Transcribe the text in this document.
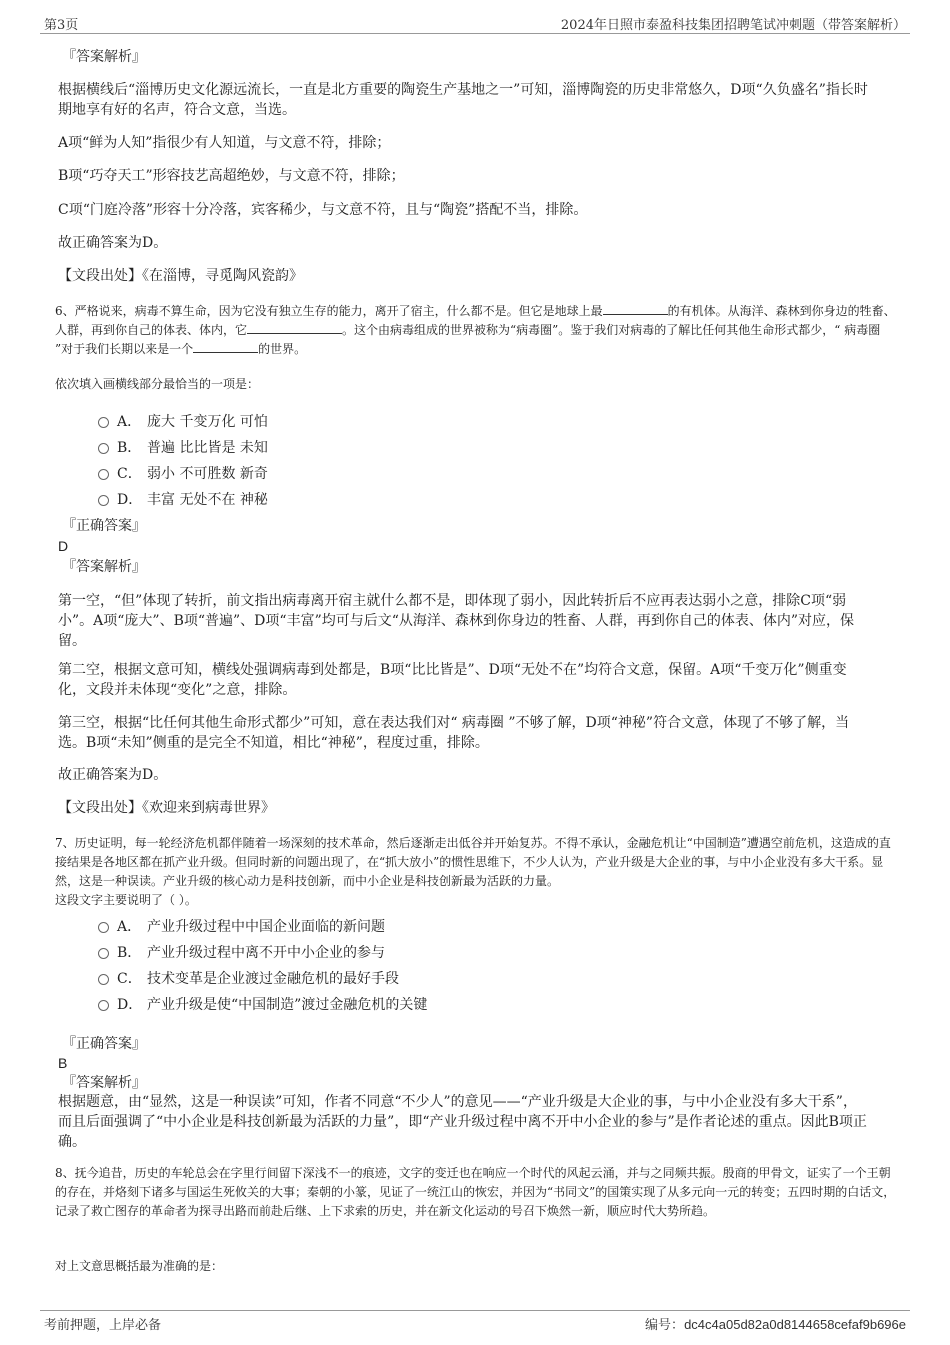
第3页	2024年日照市泰盈科技集团招聘笔试冲刺题（带答案解析）
『答案解析』
根据横线后“淄博历史文化源远流长，一直是北方重要的陶瓷生产基地之一”可知，淄博陶瓷的历史非常悠久，D项“久负盛名”指长时期地享有好的名声，符合文意，当选。
A项“鲜为人知”指很少有人知道，与文意不符，排除；
B项“巧夺天工”形容技艺高超绝妙，与文意不符，排除；
C项“门庭冷落”形容十分冷落，宾客稀少，与文意不符，且与“陶瓷”搭配不当，排除。
故正确答案为D。
【文段出处】《在淄博，寻觅陶风瓷韵》
6、严格说来，病毒不算生命，因为它没有独立生存的能力，离开了宿主，什么都不是。但它是地球上最	的有机体。从海洋、森林到你身边的牲畜、人群，再到你自己的体表、体内，它	。这个由病毒组成的世界被称为“病毒圈”。鉴于我们对病毒的了解比任何其他生命形式都少，“ 病毒圈 ”对于我们长期以来是一个	的世界。
依次填入画横线部分最恰当的一项是：
A． 庞大 千变万化 可怕
B． 普遍 比比皆是 未知
C． 弱小 不可胜数 新奇
D． 丰富 无处不在 神秘
『正确答案』
D
『答案解析』
第一空，“但”体现了转折，前文指出病毒离开宿主就什么都不是，即体现了弱小，因此转折后不应再表达弱小之意，排除C项“弱小”。A项“庞大”、B项“普遍”、D项“丰富”均可与后文“从海洋、森林到你身边的牲畜、人群，再到你自己的体表、体内”对应，保留。
第二空，根据文意可知，横线处强调病毒到处都是，B项“比比皆是”、D项“无处不在”均符合文意，保留。A项“千变万化”侧重变化，文段并未体现“变化”之意，排除。
第三空，根据“比任何其他生命形式都少”可知，意在表达我们对“ 病毒圈 ”不够了解，D项“神秘”符合文意，体现了不够了解，当选。B项“未知”侧重的是完全不知道，相比“神秘”，程度过重，排除。
故正确答案为D。
【文段出处】《欢迎来到病毒世界》
7、历史证明，每一轮经济危机都伴随着一场深刻的技术革命，然后逐渐走出低谷并开始复苏。不得不承认，金融危机让“中国制造”遭遇空前危机，这造成的直接结果是各地区都在抓产业升级。但同时新的问题出现了，在“抓大放小”的惯性思维下，不少人认为，产业升级是大企业的事，与中小企业没有多大干系。显然，这是一种误读。产业升级的核心动力是科技创新，而中小企业是科技创新最为活跃的力量。
这段文字主要说明了（ ）。
A． 产业升级过程中中国企业面临的新问题
B． 产业升级过程中离不开中小企业的参与
C． 技术变革是企业渡过金融危机的最好手段
D． 产业升级是使“中国制造”渡过金融危机的关键
『正确答案』
B
『答案解析』
根据题意，由“显然，这是一种误读”可知，作者不同意“不少人”的意见——“产业升级是大企业的事，与中小企业没有多大干系”，而且后面强调了“中小企业是科技创新最为活跃的力量”，即“产业升级过程中离不开中小企业的参与”是作者论述的重点。因此B项正确。
8、抚今追昔，历史的车轮总会在字里行间留下深浅不一的痕迹，文字的变迁也在响应一个时代的风起云涌，并与之同频共振。殷商的甲骨文，证实了一个王朝的存在，并烙刻下诸多与国运生死攸关的大事；秦朝的小篆，见证了一统江山的恢宏，并因为“书同文”的国策实现了从多元向一元的转变；五四时期的白话文，记录了救亡图存的革命者为探寻出路而前赴后继、上下求索的历史，并在新文化运动的号召下焕然一新，顺应时代大势所趋。
对上文意思概括最为准确的是：
考前押题，上岸必备	编号：dc4c4a05d82a0d8144658cefaf9b696e
